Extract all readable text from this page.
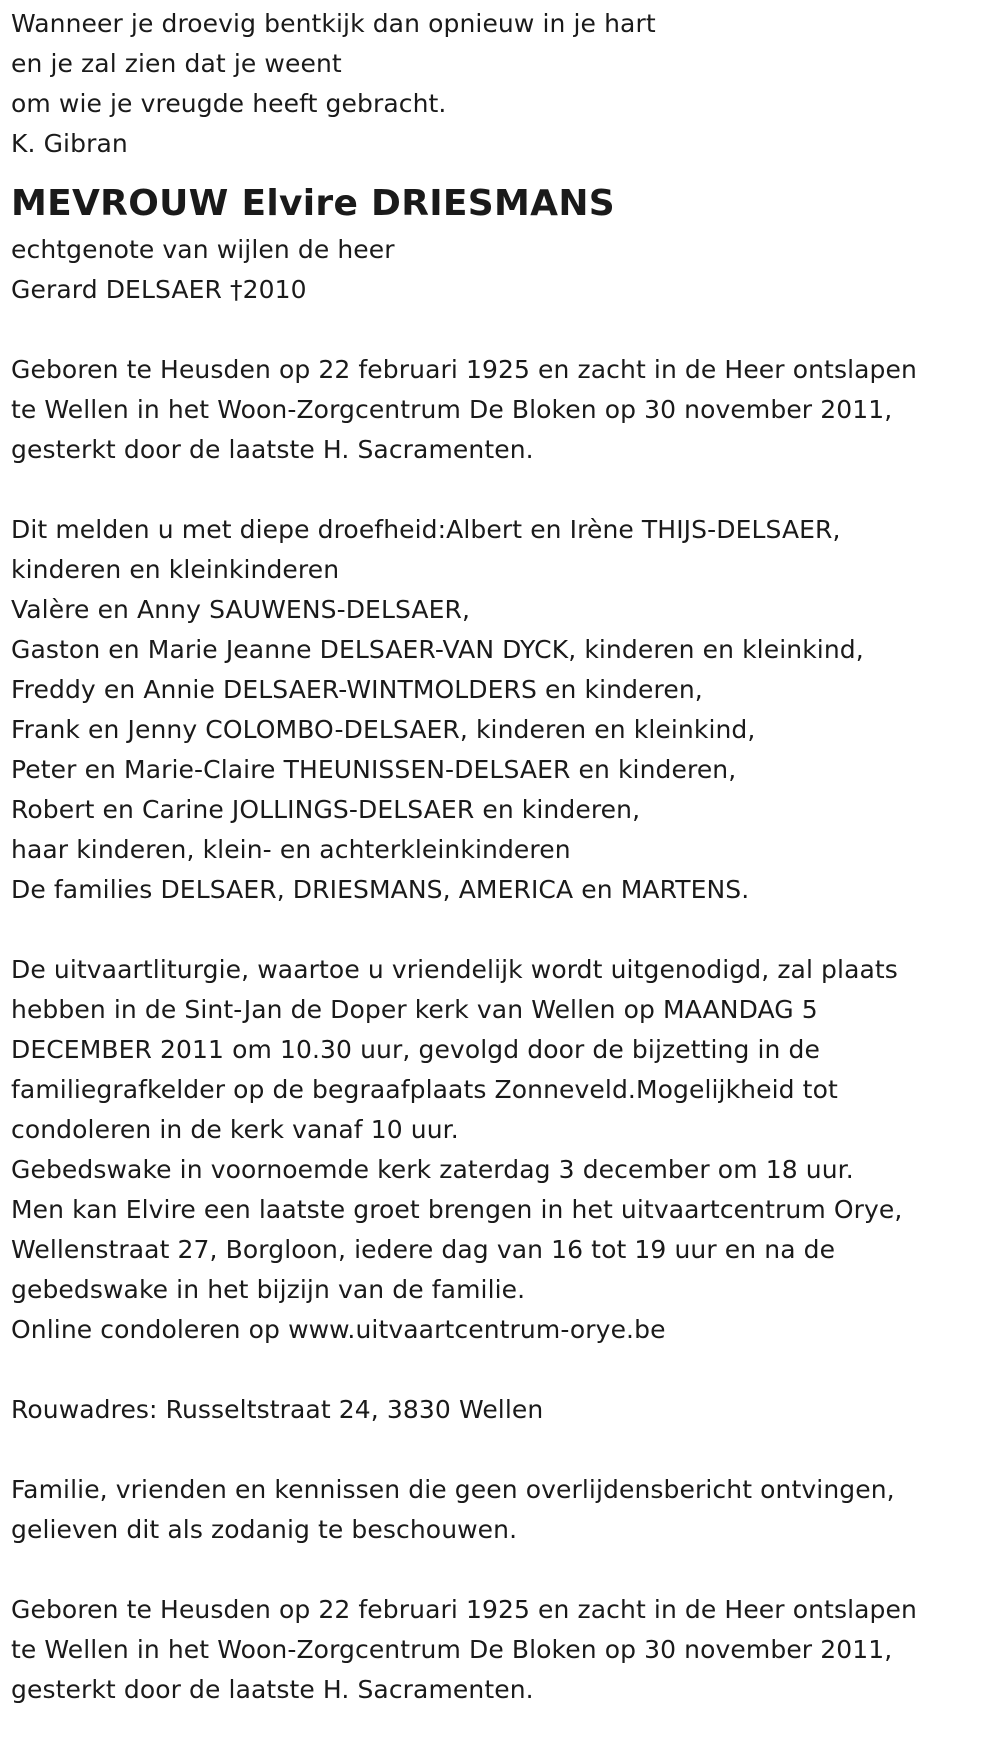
Wanneer je droevig bentkijk dan opnieuw in je hart
en je zal zien dat je weent
om wie je vreugde heeft gebracht.
K. Gibran
MEVROUW Elvire DRIESMANS
echtgenote van wijlen de heer
Gerard DELSAER †2010
Geboren te Heusden op 22 februari 1925 en zacht in de Heer ontslapen
te Wellen in het Woon-Zorgcentrum De Bloken op 30 november 2011,
gesterkt door de laatste H. Sacramenten.
Dit melden u met diepe droefheid:Albert en Irène THIJS-DELSAER,
kinderen en kleinkinderen
Valère en Anny SAUWENS-DELSAER,
Gaston en Marie Jeanne DELSAER-VAN DYCK, kinderen en kleinkind,
Freddy en Annie DELSAER-WINTMOLDERS en kinderen,
Frank en Jenny COLOMBO-DELSAER, kinderen en kleinkind,
Peter en Marie-Claire THEUNISSEN-DELSAER en kinderen,
Robert en Carine JOLLINGS-DELSAER en kinderen,
haar kinderen, klein- en achterkleinkinderen
De families DELSAER, DRIESMANS, AMERICA en MARTENS.
De uitvaartliturgie, waartoe u vriendelijk wordt uitgenodigd, zal plaats
hebben in de Sint-Jan de Doper kerk van Wellen op MAANDAG 5
DECEMBER 2011 om 10.30 uur, gevolgd door de bijzetting in de
familiegrafkelder op de begraafplaats Zonneveld.Mogelijkheid tot
condoleren in de kerk vanaf 10 uur.
Gebedswake in voornoemde kerk zaterdag 3 december om 18 uur.
Men kan Elvire een laatste groet brengen in het uitvaartcentrum Orye,
Wellenstraat 27, Borgloon, iedere dag van 16 tot 19 uur en na de
gebedswake in het bijzijn van de familie.
Online condoleren op www.uitvaartcentrum-orye.be
Rouwadres: Russeltstraat 24, 3830 Wellen
Familie, vrienden en kennissen die geen overlijdensbericht ontvingen,
gelieven dit als zodanig te beschouwen.
Geboren te Heusden op 22 februari 1925 en zacht in de Heer ontslapen
te Wellen in het Woon-Zorgcentrum De Bloken op 30 november 2011,
gesterkt door de laatste H. Sacramenten.
